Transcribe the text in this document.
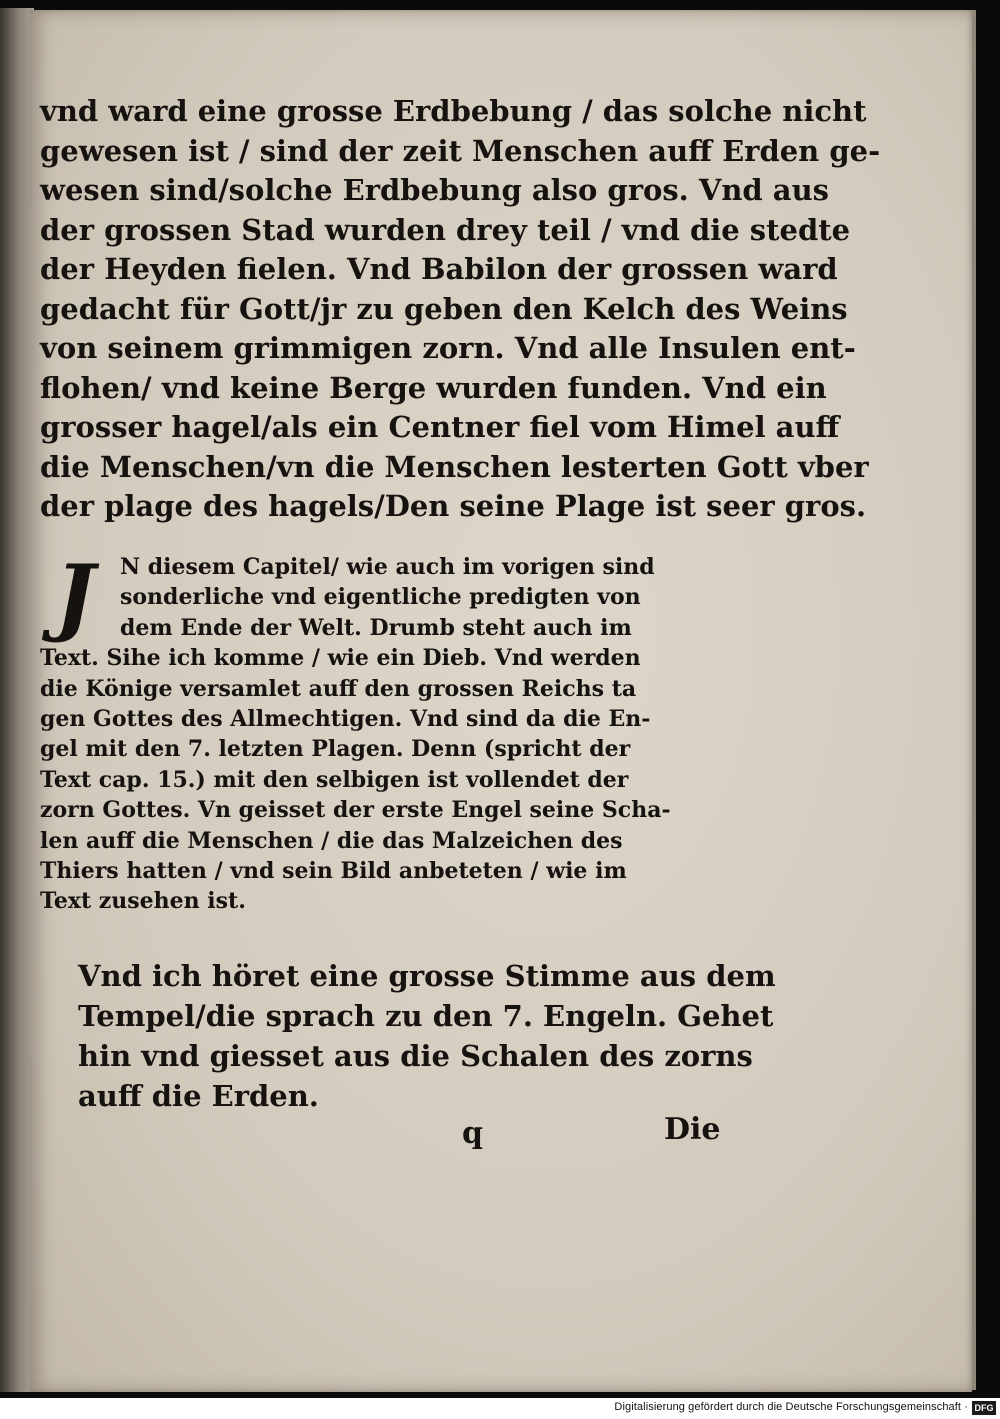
vnd ward eine grosse Erdbebung / das solche nicht
gewesen ist / sind der zeit Menschen auff Erden ge-
wesen sind/solche Erdbebung also gros. Vnd aus
der grossen Stad wurden drey teil / vnd die stedte
der Heyden fielen. Vnd Babilon der grossen ward
gedacht für Gott/jr zu geben den Kelch des Weins
von seinem grimmigen zorn. Vnd alle Insulen ent-
flohen/ vnd keine Berge wurden funden. Vnd ein
grosser hagel/als ein Centner fiel vom Himel auff
die Menschen/vn die Menschen lesterten Gott vber
der plage des hagels/Den seine Plage ist seer gros.
J	N diesem Capitel/ wie auch im vorigen sind
sonderliche vnd eigentliche predigten von
dem Ende der Welt. Drumb steht auch im
Text. Sihe ich komme / wie ein Dieb. Vnd werden
die Könige versamlet auff den grossen Reichs ta
gen Gottes des Allmechtigen. Vnd sind da die En-
gel mit den 7. letzten Plagen. Denn (spricht der
Text cap. 15.) mit den selbigen ist vollendet der
zorn Gottes. Vn geisset der erste Engel seine Scha-
len auff die Menschen / die das Malzeichen des
Thiers hatten / vnd sein Bild anbeteten / wie im
Text zusehen ist.
Vnd ich höret eine grosse Stimme aus dem
Tempel/die sprach zu den 7. Engeln. Gehet
hin vnd giesset aus die Schalen des zorns
auff die Erden.
q	Die
Digitalisierung gefördert durch die Deutsche Forschungsgemeinschaft · DFG
